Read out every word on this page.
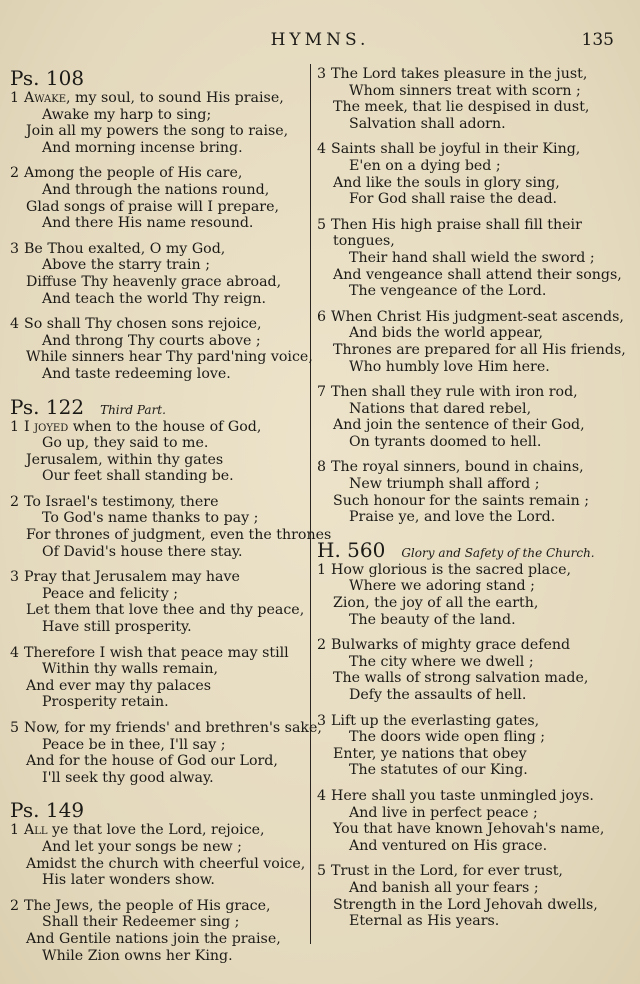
HYMNS.	135
Ps. 108
1 Awake, my soul, to sound His praise,
Awake my harp to sing;
Join all my powers the song to raise,
And morning incense bring.
2 Among the people of His care,
And through the nations round,
Glad songs of praise will I prepare,
And there His name resound.
3 Be Thou exalted, O my God,
Above the starry train ;
Diffuse Thy heavenly grace abroad,
And teach the world Thy reign.
4 So shall Thy chosen sons rejoice,
And throng Thy courts above ;
While sinners hear Thy pard'ning voice,
And taste redeeming love.
Ps. 122 Third Part.
1 I joyed when to the house of God,
Go up, they said to me.
Jerusalem, within thy gates
Our feet shall standing be.
2 To Israel's testimony, there
To God's name thanks to pay ;
For thrones of judgment, even the thrones
Of David's house there stay.
3 Pray that Jerusalem may have
Peace and felicity ;
Let them that love thee and thy peace,
Have still prosperity.
4 Therefore I wish that peace may still
Within thy walls remain,
And ever may thy palaces
Prosperity retain.
5 Now, for my friends' and brethren's sake,
Peace be in thee, I'll say ;
And for the house of God our Lord,
I'll seek thy good alway.
Ps. 149
1 All ye that love the Lord, rejoice,
And let your songs be new ;
Amidst the church with cheerful voice,
His later wonders show.
2 The Jews, the people of His grace,
Shall their Redeemer sing ;
And Gentile nations join the praise,
While Zion owns her King.
3 The Lord takes pleasure in the just,
Whom sinners treat with scorn ;
The meek, that lie despised in dust,
Salvation shall adorn.
4 Saints shall be joyful in their King,
E'en on a dying bed ;
And like the souls in glory sing,
For God shall raise the dead.
5 Then His high praise shall fill their
tongues,
Their hand shall wield the sword ;
And vengeance shall attend their songs,
The vengeance of the Lord.
6 When Christ His judgment-seat ascends,
And bids the world appear,
Thrones are prepared for all His friends,
Who humbly love Him here.
7 Then shall they rule with iron rod,
Nations that dared rebel,
And join the sentence of their God,
On tyrants doomed to hell.
8 The royal sinners, bound in chains,
New triumph shall afford ;
Such honour for the saints remain ;
Praise ye, and love the Lord.
H. 560 Glory and Safety of the Church.
1 How glorious is the sacred place,
Where we adoring stand ;
Zion, the joy of all the earth,
The beauty of the land.
2 Bulwarks of mighty grace defend
The city where we dwell ;
The walls of strong salvation made,
Defy the assaults of hell.
3 Lift up the everlasting gates,
The doors wide open fling ;
Enter, ye nations that obey
The statutes of our King.
4 Here shall you taste unmingled joys.
And live in perfect peace ;
You that have known Jehovah's name,
And ventured on His grace.
5 Trust in the Lord, for ever trust,
And banish all your fears ;
Strength in the Lord Jehovah dwells,
Eternal as His years.
